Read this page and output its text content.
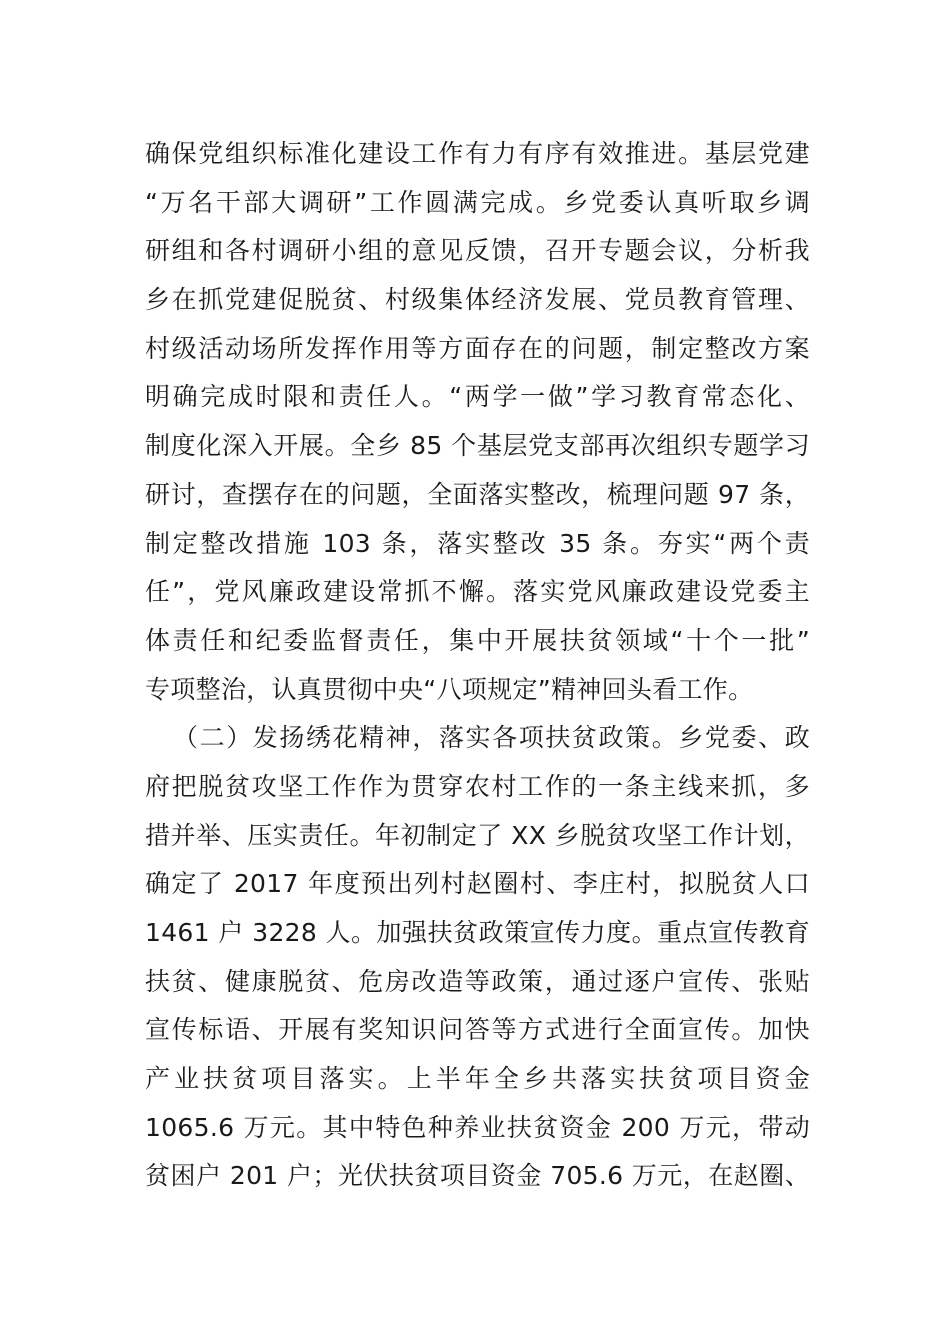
确保党组织标准化建设工作有力有序有效推进。基层党建
“万名干部大调研”工作圆满完成。乡党委认真听取乡调
研组和各村调研小组的意见反馈，召开专题会议，分析我
乡在抓党建促脱贫、村级集体经济发展、党员教育管理、
村级活动场所发挥作用等方面存在的问题，制定整改方案
明确完成时限和责任人。“两学一做”学习教育常态化、
制度化深入开展。全乡 85 个基层党支部再次组织专题学习
研讨，查摆存在的问题，全面落实整改，梳理问题 97 条，
制定整改措施 103 条，落实整改 35 条。夯实“两个责
任”，党风廉政建设常抓不懈。落实党风廉政建设党委主
体责任和纪委监督责任，集中开展扶贫领域“十个一批”
专项整治，认真贯彻中央“八项规定”精神回头看工作。
（二）发扬绣花精神，落实各项扶贫政策。乡党委、政
府把脱贫攻坚工作作为贯穿农村工作的一条主线来抓，多
措并举、压实责任。年初制定了 XX 乡脱贫攻坚工作计划，
确定了 2017 年度预出列村赵圈村、李庄村，拟脱贫人口
1461 户 3228 人。加强扶贫政策宣传力度。重点宣传教育
扶贫、健康脱贫、危房改造等政策，通过逐户宣传、张贴
宣传标语、开展有奖知识问答等方式进行全面宣传。加快
产业扶贫项目落实。上半年全乡共落实扶贫项目资金
1065.6 万元。其中特色种养业扶贫资金 200 万元，带动
贫困户 201 户；光伏扶贫项目资金 705.6 万元，在赵圈、
